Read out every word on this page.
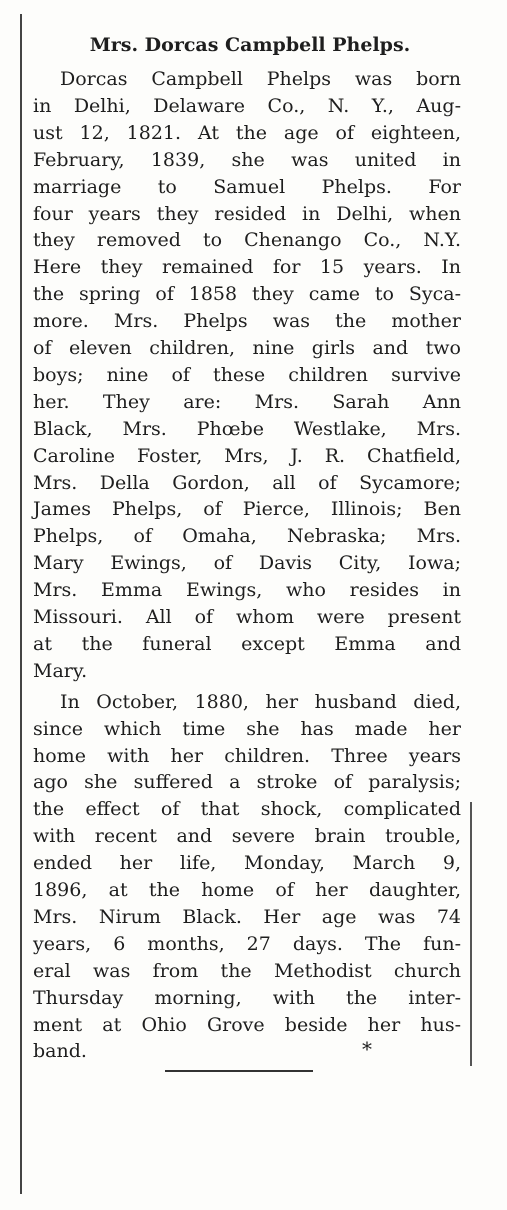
Mrs. Dorcas Campbell Phelps.
Dorcas Campbell Phelps was born
in Delhi, Delaware Co., N. Y., Aug-
ust 12, 1821. At the age of eighteen,
February, 1839, she was united in
marriage to Samuel Phelps. For
four years they resided in Delhi, when
they removed to Chenango Co., N.Y.
Here they remained for 15 years. In
the spring of 1858 they came to Syca-
more. Mrs. Phelps was the mother
of eleven children, nine girls and two
boys; nine of these children survive
her. They are: Mrs. Sarah Ann
Black, Mrs. Phœbe Westlake, Mrs.
Caroline Foster, Mrs, J. R. Chatfield,
Mrs. Della Gordon, all of Sycamore;
James Phelps, of Pierce, Illinois; Ben
Phelps, of Omaha, Nebraska; Mrs.
Mary Ewings, of Davis City, Iowa;
Mrs. Emma Ewings, who resides in
Missouri. All of whom were present
at the funeral except Emma and
Mary.
In October, 1880, her husband died,
since which time she has made her
home with her children. Three years
ago she suffered a stroke of paralysis;
the effect of that shock, complicated
with recent and severe brain trouble,
ended her life, Monday, March 9,
1896, at the home of her daughter,
Mrs. Nirum Black. Her age was 74
years, 6 months, 27 days. The fun-
eral was from the Methodist church
Thursday morning, with the inter-
ment at Ohio Grove beside her hus-
band.	*
